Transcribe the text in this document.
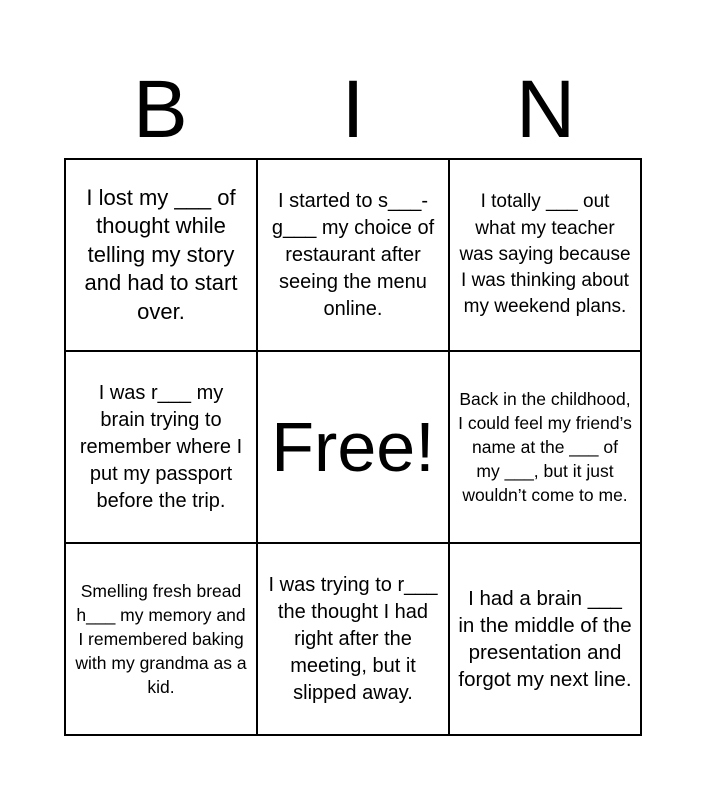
B	I	N
I lost my ___ of thought while telling my story and had to start over.
I started to s___-g___ my choice of restaurant after seeing the menu online.
I totally ___ out what my teacher was saying because I was thinking about my weekend plans.
I was r___ my brain trying to remember where I put my passport before the trip.
Free!
Back in the childhood, I could feel my friend’s name at the ___ of my ___, but it just wouldn’t come to me.
Smelling fresh bread h___ my memory and I remembered baking with my grandma as a kid.
I was trying to r___ the thought I had right after the meeting, but it slipped away.
I had a brain ___ in the middle of the presentation and forgot my next line.
